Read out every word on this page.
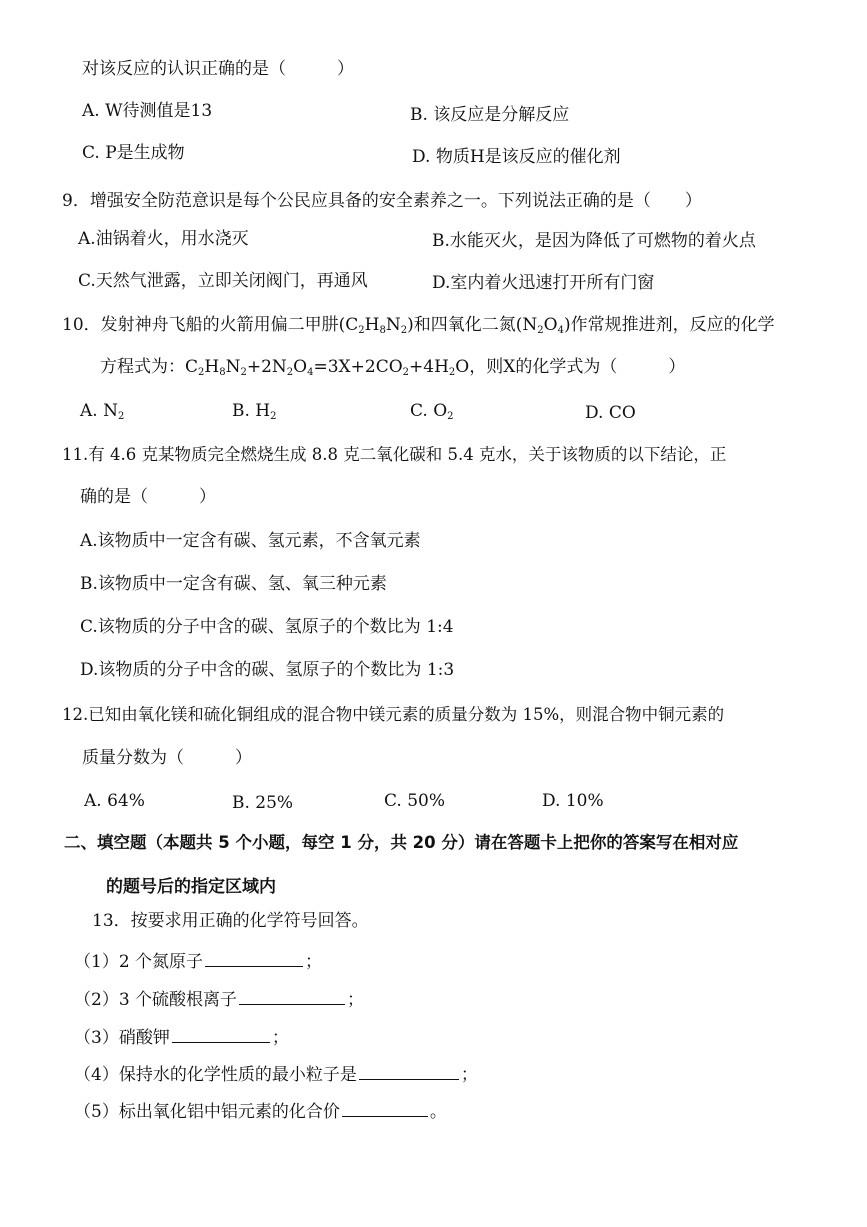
对该反应的认识正确的是（　　　）
A. W待测值是13	B. 该反应是分解反应
C. P是生成物	D. 物质H是该反应的催化剂
9．增强安全防范意识是每个公民应具备的安全素养之一。下列说法正确的是（　　）
A.油锅着火，用水浇灭	B.水能灭火，是因为降低了可燃物的着火点
C.天然气泄露，立即关闭阀门，再通风	D.室内着火迅速打开所有门窗
10．发射神舟飞船的火箭用偏二甲肼$(C_2H_8N_2)$和四氧化二氮$(N_2O_4)$作常规推进剂，反应的化学
方程式为：$C_2H_8N_2+2N_2O_4=3X+2CO_2+4H_2O$，则X的化学式为（　　　）
A. $N_2$	B. $H_2$	C. $O_2$	D. CO
11.有 4.6 克某物质完全燃烧生成 8.8 克二氧化碳和 5.4 克水，关于该物质的以下结论，正
确的是（　　　）
A.该物质中一定含有碳、氢元素，不含氧元素
B.该物质中一定含有碳、氢、氧三种元素
C.该物质的分子中含的碳、氢原子的个数比为 1:4
D.该物质的分子中含的碳、氢原子的个数比为 1:3
12.已知由氧化镁和硫化铜组成的混合物中镁元素的质量分数为 15%，则混合物中铜元素的
质量分数为（　　　）
A. 64%	B. 25%	C. 50%	D. 10%
二、填空题（本题共 5 个小题，每空 1 分，共 20 分）请在答题卡上把你的答案写在相对应
的题号后的指定区域内
13．按要求用正确的化学符号回答。
（1）2 个氮原子	；
（2）3 个硫酸根离子	；
（3）硝酸钾	；
（4）保持水的化学性质的最小粒子是	；
（5）标出氧化铝中铝元素的化合价	。
